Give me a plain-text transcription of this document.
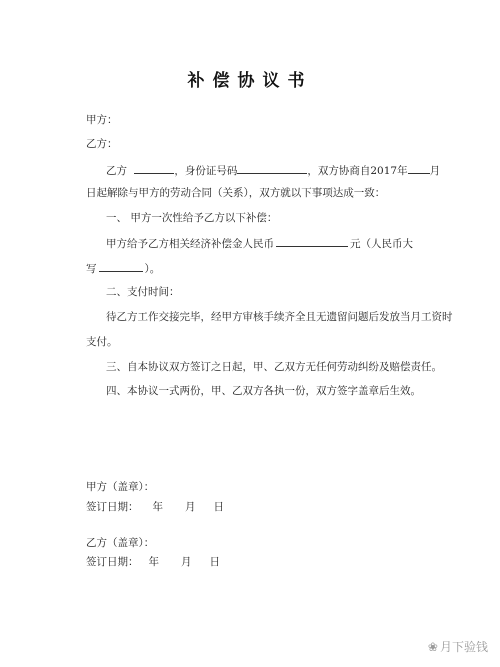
补偿协议书
甲方：
乙方：
乙方	，身份证号码	，双方协商自2017年 月
日起解除与甲方的劳动合同（关系），双方就以下事项达成一致：
一、 甲方一次性给予乙方以下补偿：
甲方给予乙方相关经济补偿金人民币	元（人民币大
写	）。
二、支付时间：
待乙方工作交接完毕，经甲方审核手续齐全且无遗留问题后发放当月工资时
支付。
三、自本协议双方签订之日起，甲、乙双方无任何劳动纠纷及赔偿责任。
四、本协议一式两份，甲、乙双方各执一份，双方签字盖章后生效。
甲方（盖章）：
签订日期： 年 月 日
乙方（盖章）：
签订日期： 年 月 日
❀ 月下验钱
